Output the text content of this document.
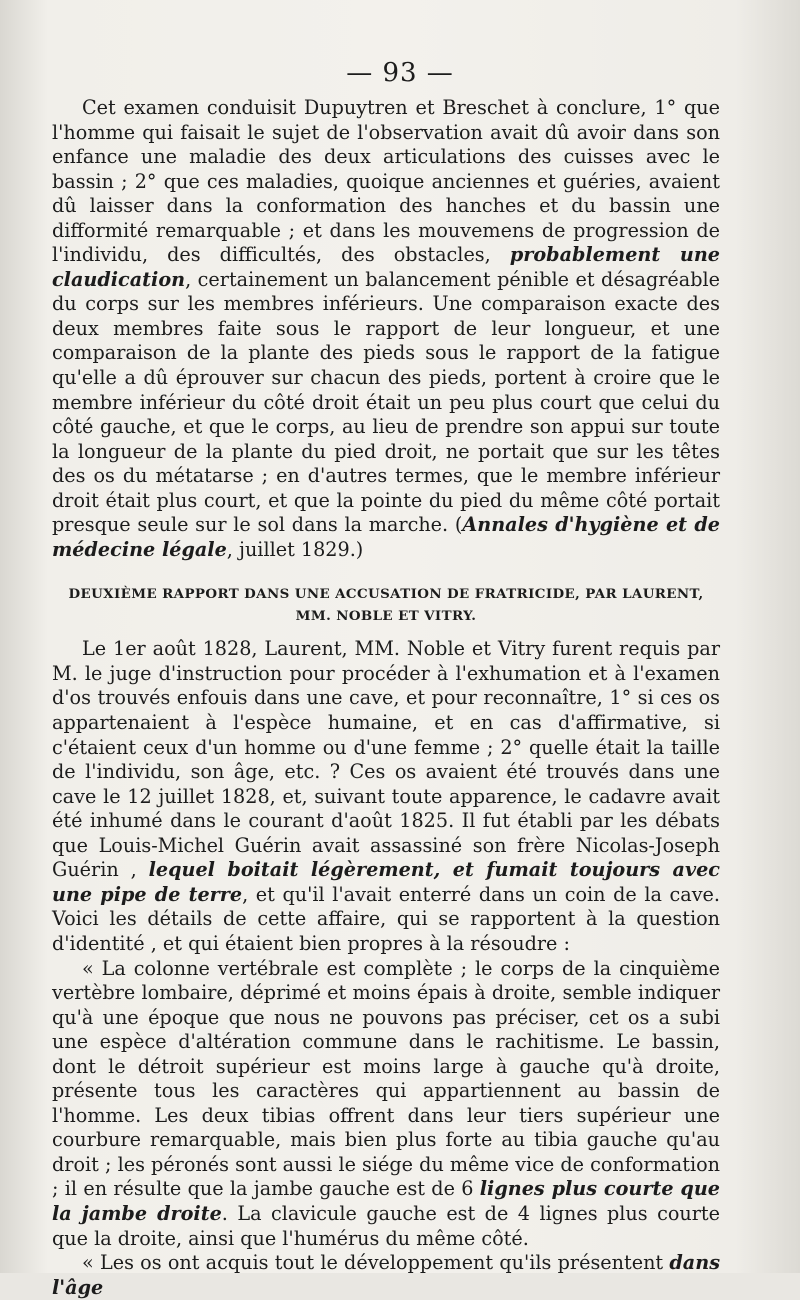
— 93 —

Cet examen conduisit Dupuytren et Breschet à conclure, 1° que l'homme qui faisait le sujet de l'observation avait dû avoir dans son enfance une maladie des deux articulations des cuisses avec le bassin ; 2° que ces maladies, quoique anciennes et guéries, avaient dû laisser dans la conformation des hanches et du bassin une difformité remarquable ; et dans les mouvemens de progression de l'individu, des difficultés, des obstacles, probablement une claudication, certainement un balancement pénible et désagréable du corps sur les membres inférieurs. Une comparaison exacte des deux membres faite sous le rapport de leur longueur, et une comparaison de la plante des pieds sous le rapport de la fatigue qu'elle a dû éprouver sur chacun des pieds, portent à croire que le membre inférieur du côté droit était un peu plus court que celui du côté gauche, et que le corps, au lieu de prendre son appui sur toute la longueur de la plante du pied droit, ne portait que sur les têtes des os du métatarse ; en d'autres termes, que le membre inférieur droit était plus court, et que la pointe du pied du même côté portait presque seule sur le sol dans la marche. (Annales d'hygiène et de médecine légale, juillet 1829.)

DEUXIÈME RAPPORT DANS UNE ACCUSATION DE FRATRICIDE, PAR LAURENT,
MM. NOBLE ET VITRY.

Le 1er août 1828, Laurent, MM. Noble et Vitry furent requis par M. le juge d'instruction pour procéder à l'exhumation et à l'examen d'os trouvés enfouis dans une cave, et pour reconnaître, 1° si ces os appartenaient à l'espèce humaine, et en cas d'affirmative, si c'étaient ceux d'un homme ou d'une femme ; 2° quelle était la taille de l'individu, son âge, etc. ? Ces os avaient été trouvés dans une cave le 12 juillet 1828, et, suivant toute apparence, le cadavre avait été inhumé dans le courant d'août 1825. Il fut établi par les débats que Louis-Michel Guérin avait assassiné son frère Nicolas-Joseph Guérin , lequel boitait légèrement, et fumait toujours avec une pipe de terre, et qu'il l'avait enterré dans un coin de la cave. Voici les détails de cette affaire, qui se rapportent à la question d'identité , et qui étaient bien propres à la résoudre :

« La colonne vertébrale est complète ; le corps de la cinquième vertèbre lombaire, déprimé et moins épais à droite, semble indiquer qu'à une époque que nous ne pouvons pas préciser, cet os a subi une espèce d'altération commune dans le rachitisme. Le bassin, dont le détroit supérieur est moins large à gauche qu'à droite, présente tous les caractères qui appartiennent au bassin de l'homme. Les deux tibias offrent dans leur tiers supérieur une courbure remarquable, mais bien plus forte au tibia gauche qu'au droit ; les péronés sont aussi le siége du même vice de conformation ; il en résulte que la jambe gauche est de 6 lignes plus courte que la jambe droite. La clavicule gauche est de 4 lignes plus courte que la droite, ainsi que l'humérus du même côté.

« Les os ont acquis tout le développement qu'ils présentent dans l'âge
